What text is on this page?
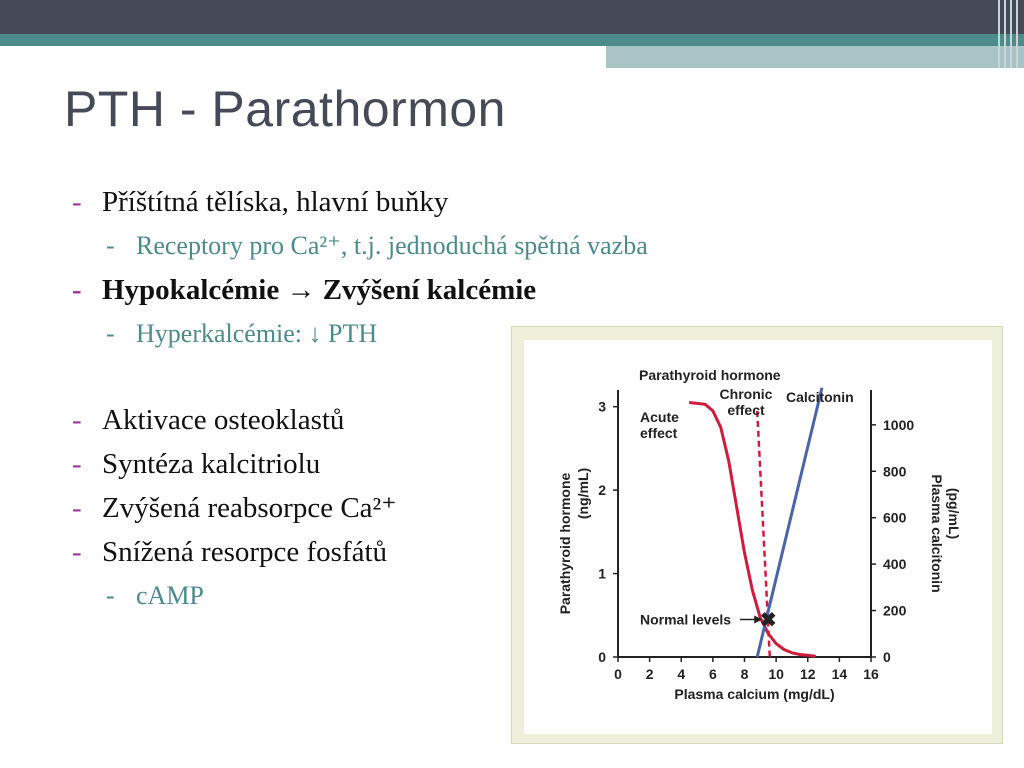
PTH - Parathormon
- Příštítná tělíska, hlavní buňky
- Receptory pro Ca²⁺, t.j. jednoduchá spětná vazba
- Hypokalcémie → Zvýšení kalcémie
- Hyperkalcémie: ↓ PTH
- Aktivace osteoklastů
- Syntéza kalcitriolu
- Zvýšená reabsorpce Ca²⁺
- Snížená resorpce fosfátů
- cAMP
0 2 4 6 8 10 12 14 16
0
1
2
3
0
200
400
600
800
1000
Parathyroid hormone
Plasma calcium (mg/dL)
Parathyroid hormone (ng/mL)	Plasma calcitonin (pg/mL)
Acute
effect
Chronic
effect
Calcitonin
Normal levels ✖
